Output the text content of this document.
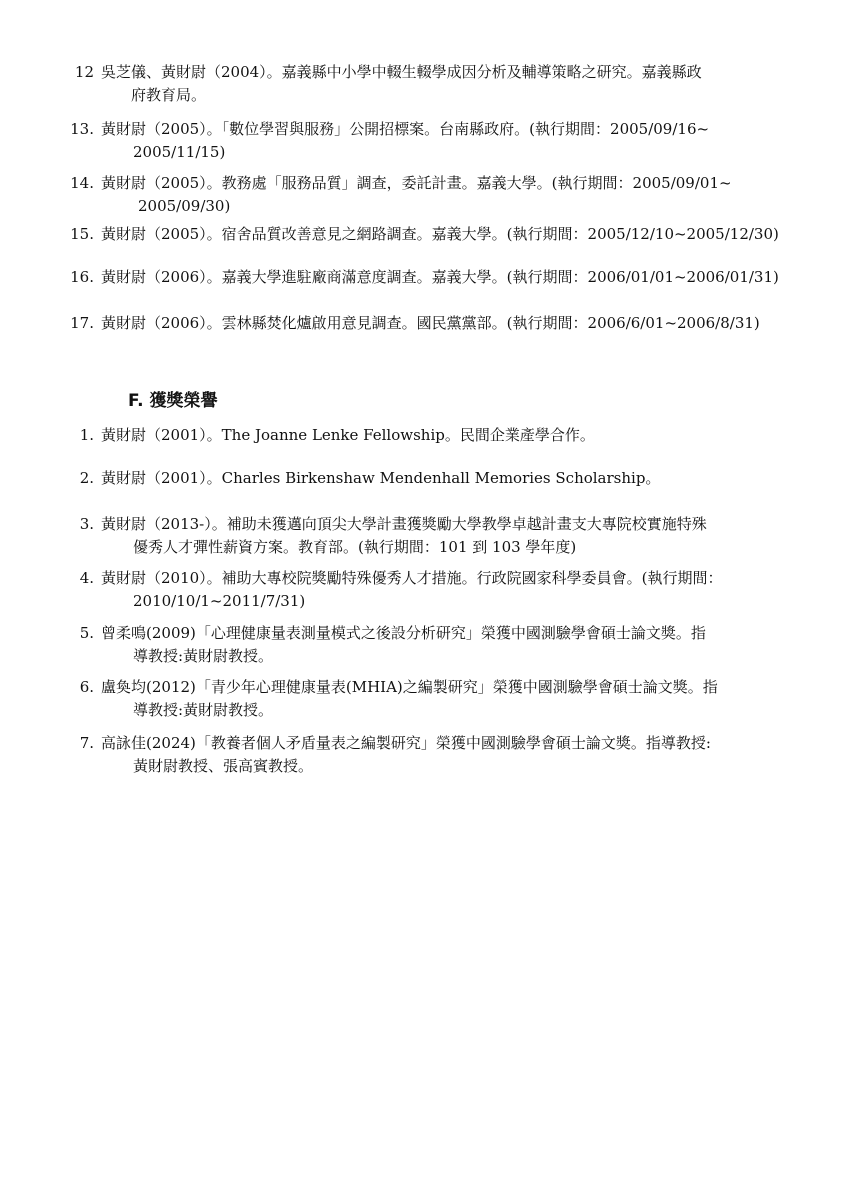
12 吳芝儀、黃財尉（2004）。嘉義縣中小學中輟生輟學成因分析及輔導策略之研究。嘉義縣政
府教育局。
13. 黃財尉（2005）。「數位學習與服務」公開招標案。台南縣政府。(執行期間：2005/09/16~
2005/11/15)
14. 黃財尉（2005）。教務處「服務品質」調查，委託計畫。嘉義大學。(執行期間：2005/09/01~
2005/09/30)
15. 黃財尉（2005）。宿舍品質改善意見之網路調查。嘉義大學。(執行期間：2005/12/10~2005/12/30)
16. 黃財尉（2006）。嘉義大學進駐廠商滿意度調查。嘉義大學。(執行期間：2006/01/01~2006/01/31)
17. 黃財尉（2006）。雲林縣焚化爐啟用意見調查。國民黨黨部。(執行期間：2006/6/01~2006/8/31)
F. 獲獎榮譽
1. 黃財尉（2001）。The Joanne Lenke Fellowship。民間企業產學合作。
2. 黃財尉（2001）。Charles Birkenshaw Mendenhall Memories Scholarship。
3. 黃財尉（2013-）。補助未獲邁向頂尖大學計畫獲獎勵大學教學卓越計畫支大專院校實施特殊
優秀人才彈性薪資方案。教育部。(執行期間：101 到 103 學年度)
4. 黃財尉（2010）。補助大專校院獎勵特殊優秀人才措施。行政院國家科學委員會。(執行期間：
2010/10/1~2011/7/31)
5. 曾柔鳴(2009)「心理健康量表測量模式之後設分析研究」榮獲中國測驗學會碩士論文獎。指
導教授:黃財尉教授。
6. 盧奐均(2012)「青少年心理健康量表(MHIA)之編製研究」榮獲中國測驗學會碩士論文獎。指
導教授:黃財尉教授。
7. 高詠佳(2024)「教養者個人矛盾量表之編製研究」榮獲中國測驗學會碩士論文獎。指導教授:
黃財尉教授、張高賓教授。
